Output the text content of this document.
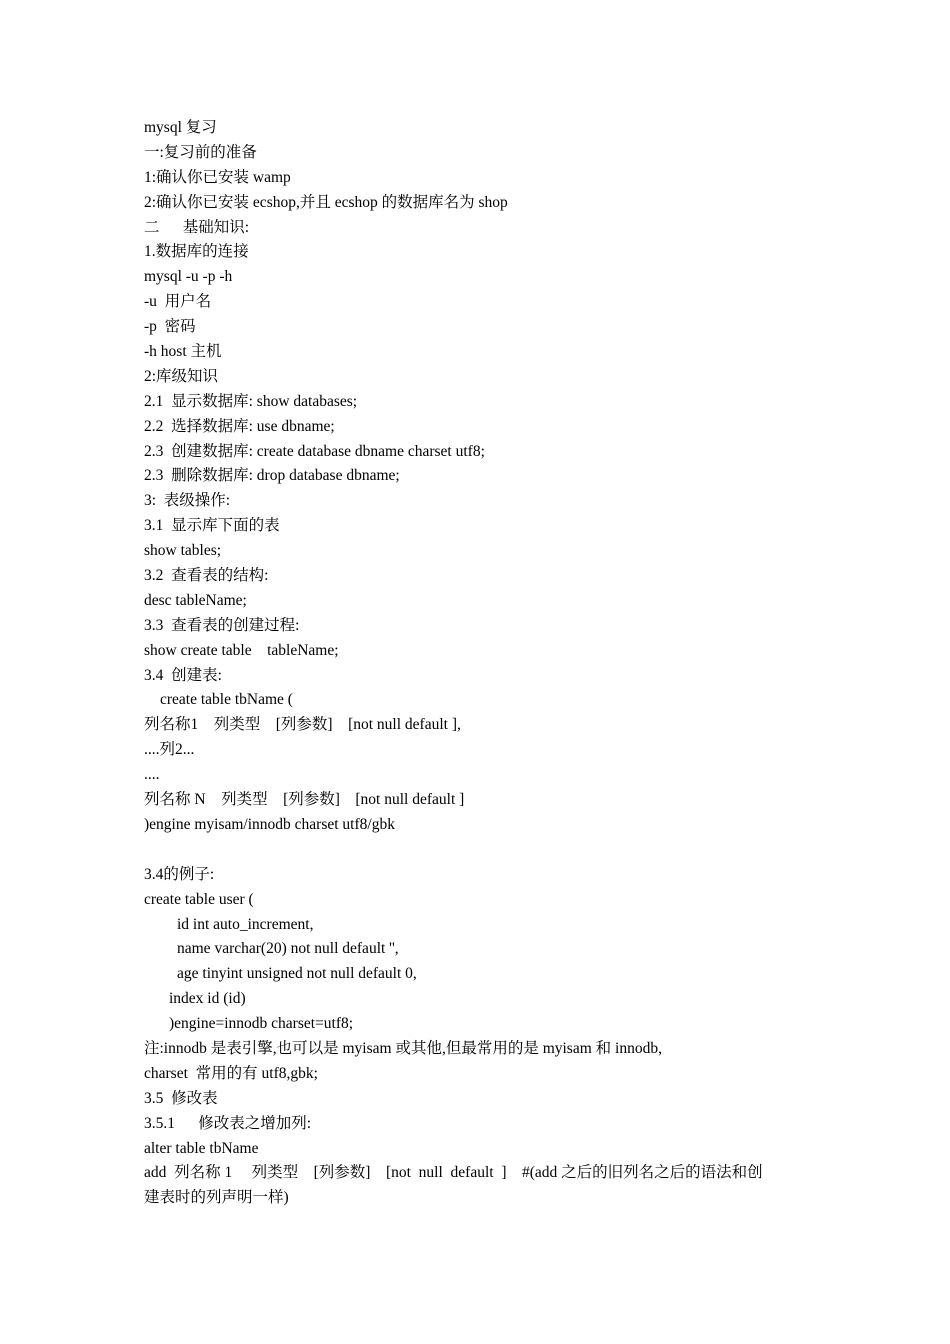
mysql 复习
一:复习前的准备
1:确认你已安装 wamp
2:确认你已安装 ecshop,并且 ecshop 的数据库名为 shop
二      基础知识:
1.数据库的连接
mysql -u -p -h
-u  用户名
-p  密码
-h host 主机
2:库级知识
2.1  显示数据库: show databases;
2.2  选择数据库: use dbname;
2.3  创建数据库: create database dbname charset utf8;
2.3  删除数据库: drop database dbname;
3:  表级操作:
3.1  显示库下面的表
show tables;
3.2  查看表的结构:
desc tableName;
3.3  查看表的创建过程:
show create table    tableName;
3.4  创建表:
create table tbName (
列名称1    列类型    [列参数]    [not null default ],
....列2...
....
列名称 N    列类型    [列参数]    [not null default ]
)engine myisam/innodb charset utf8/gbk
3.4的例子:
create table user (
id int auto_increment,
name varchar(20) not null default '',
age tinyint unsigned not null default 0,
index id (id)
)engine=innodb charset=utf8;
注:innodb 是表引擎,也可以是 myisam 或其他,但最常用的是 myisam 和 innodb,
charset  常用的有 utf8,gbk;
3.5  修改表
3.5.1      修改表之增加列:
alter table tbName
add  列名称 1     列类型    [列参数]    [not  null  default  ]    #(add 之后的旧列名之后的语法和创
建表时的列声明一样)
